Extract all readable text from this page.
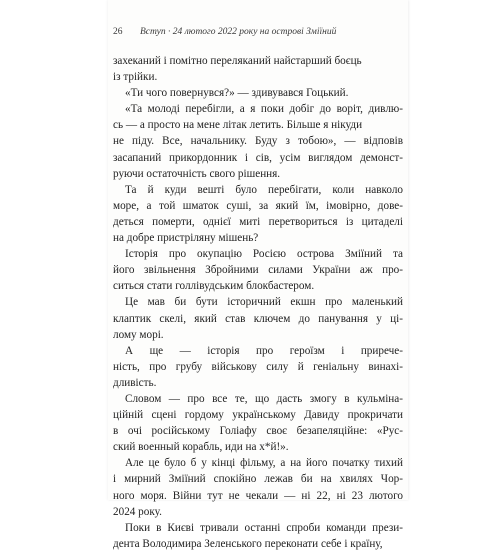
26 Вступ · 24 лютого 2022 року на острові Зміїний
захеканий і помітно переляканий найстарший боєць
із трійки.
«Ти чого повернувся?» — здивувався Гоцький.
«Та молоді перебігли, а я поки добіг до воріт, дивлю-
сь — а просто на мене літак летить. Більше я нікуди
не піду. Все, начальнику. Буду з тобою», — відповів
засапаний прикордонник і сів, усім виглядом демонст-
руючи остаточність свого рішення.
Та й куди вешті було перебігати, коли навколо
море, а той шматок суші, за який їм, імовірно, дове-
деться померти, однієї миті перетвориться із цитаделі
на добре пристріляну мішень?
Історія про окупацію Росією острова Зміїний та
його звільнення Збройними силами України аж про-
ситься стати голлівудським блокбастером.
Це мав би бути історичний екшн про маленький
клаптик скелі, який став ключем до панування у ці-
лому морі.
А ще — історія про героїзм і прирече-
ність, про грубу військову силу й геніальну винахі-
дливість.
Словом — про все те, що дасть змогу в кульміна-
ційній сцені гордому українському Давиду прокричати
в очі російському Голіафу своє безапеляційне: «Рус-
ский военный корабль, иди на х*й!».
Але це було б у кінці фільму, а на його початку тихий
і мирний Зміїний спокійно лежав би на хвилях Чор-
ного моря. Війни тут не чекали — ні 22, ні 23 лютого
2024 року.
Поки в Києві тривали останні спроби команди прези-
дента Володимира Зеленського переконати себе і країну,
